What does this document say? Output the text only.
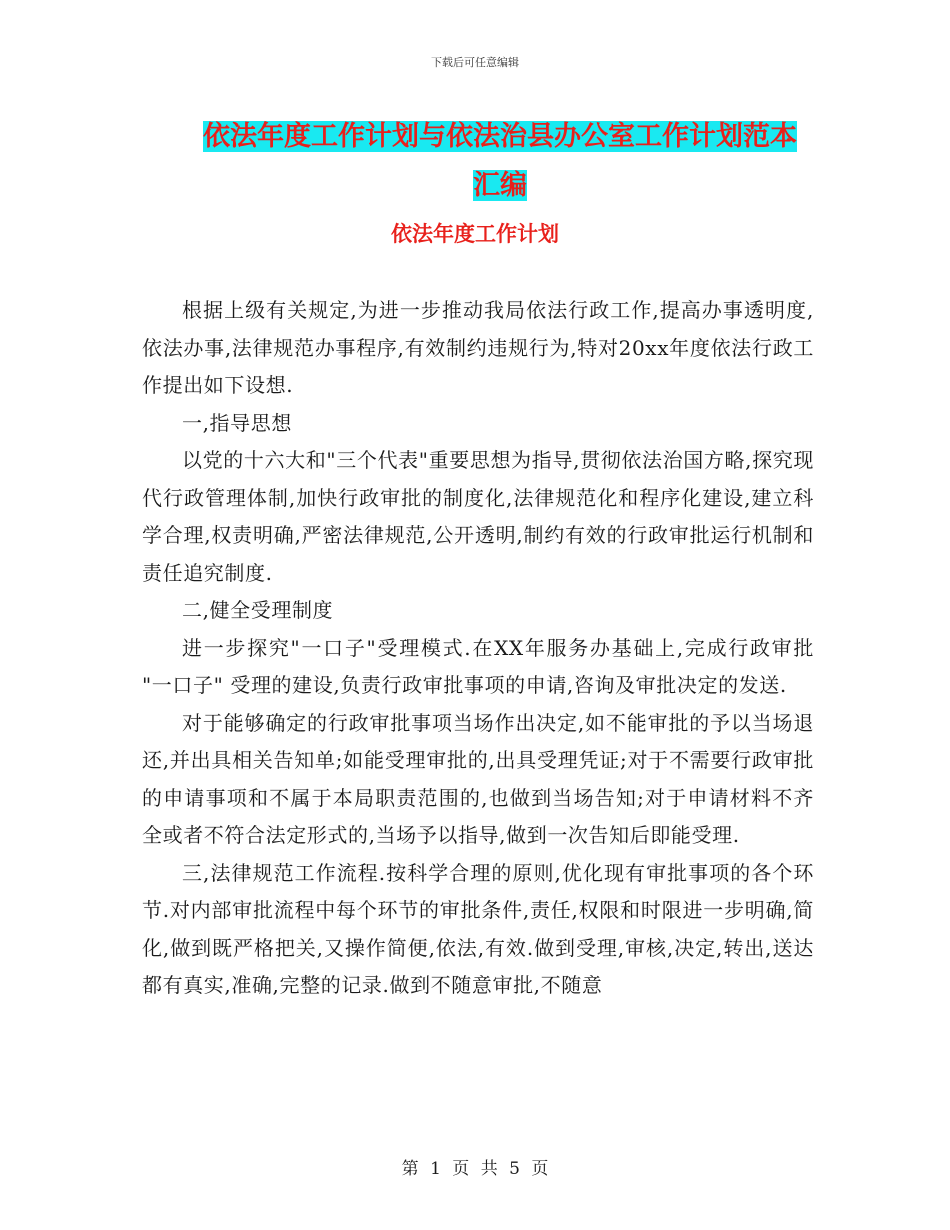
下载后可任意编辑
依法年度工作计划与依法治县办公室工作计划范本汇编
依法年度工作计划

根据上级有关规定,为进一步推动我局依法行政工作,提高办事透明度,依法办事,法律规范办事程序,有效制约违规行为,特对20xx年度依法行政工作提出如下设想.

一,指导思想

以党的十六大和"三个代表"重要思想为指导,贯彻依法治国方略,探究现代行政管理体制,加快行政审批的制度化,法律规范化和程序化建设,建立科学合理,权责明确,严密法律规范,公开透明,制约有效的行政审批运行机制和责任追究制度.

二,健全受理制度

进一步探究"一口子"受理模式.在XX年服务办基础上,完成行政审批 "一口子" 受理的建设,负责行政审批事项的申请,咨询及审批决定的发送.

对于能够确定的行政审批事项当场作出决定,如不能审批的予以当场退还,并出具相关告知单;如能受理审批的,出具受理凭证;对于不需要行政审批的申请事项和不属于本局职责范围的,也做到当场告知;对于申请材料不齐全或者不符合法定形式的,当场予以指导,做到一次告知后即能受理.

三,法律规范工作流程.按科学合理的原则,优化现有审批事项的各个环节.对内部审批流程中每个环节的审批条件,责任,权限和时限进一步明确,简化,做到既严格把关,又操作简便,依法,有效.做到受理,审核,决定,转出,送达都有真实,准确,完整的记录.做到不随意审批,不随意

第 1 页 共 5 页
